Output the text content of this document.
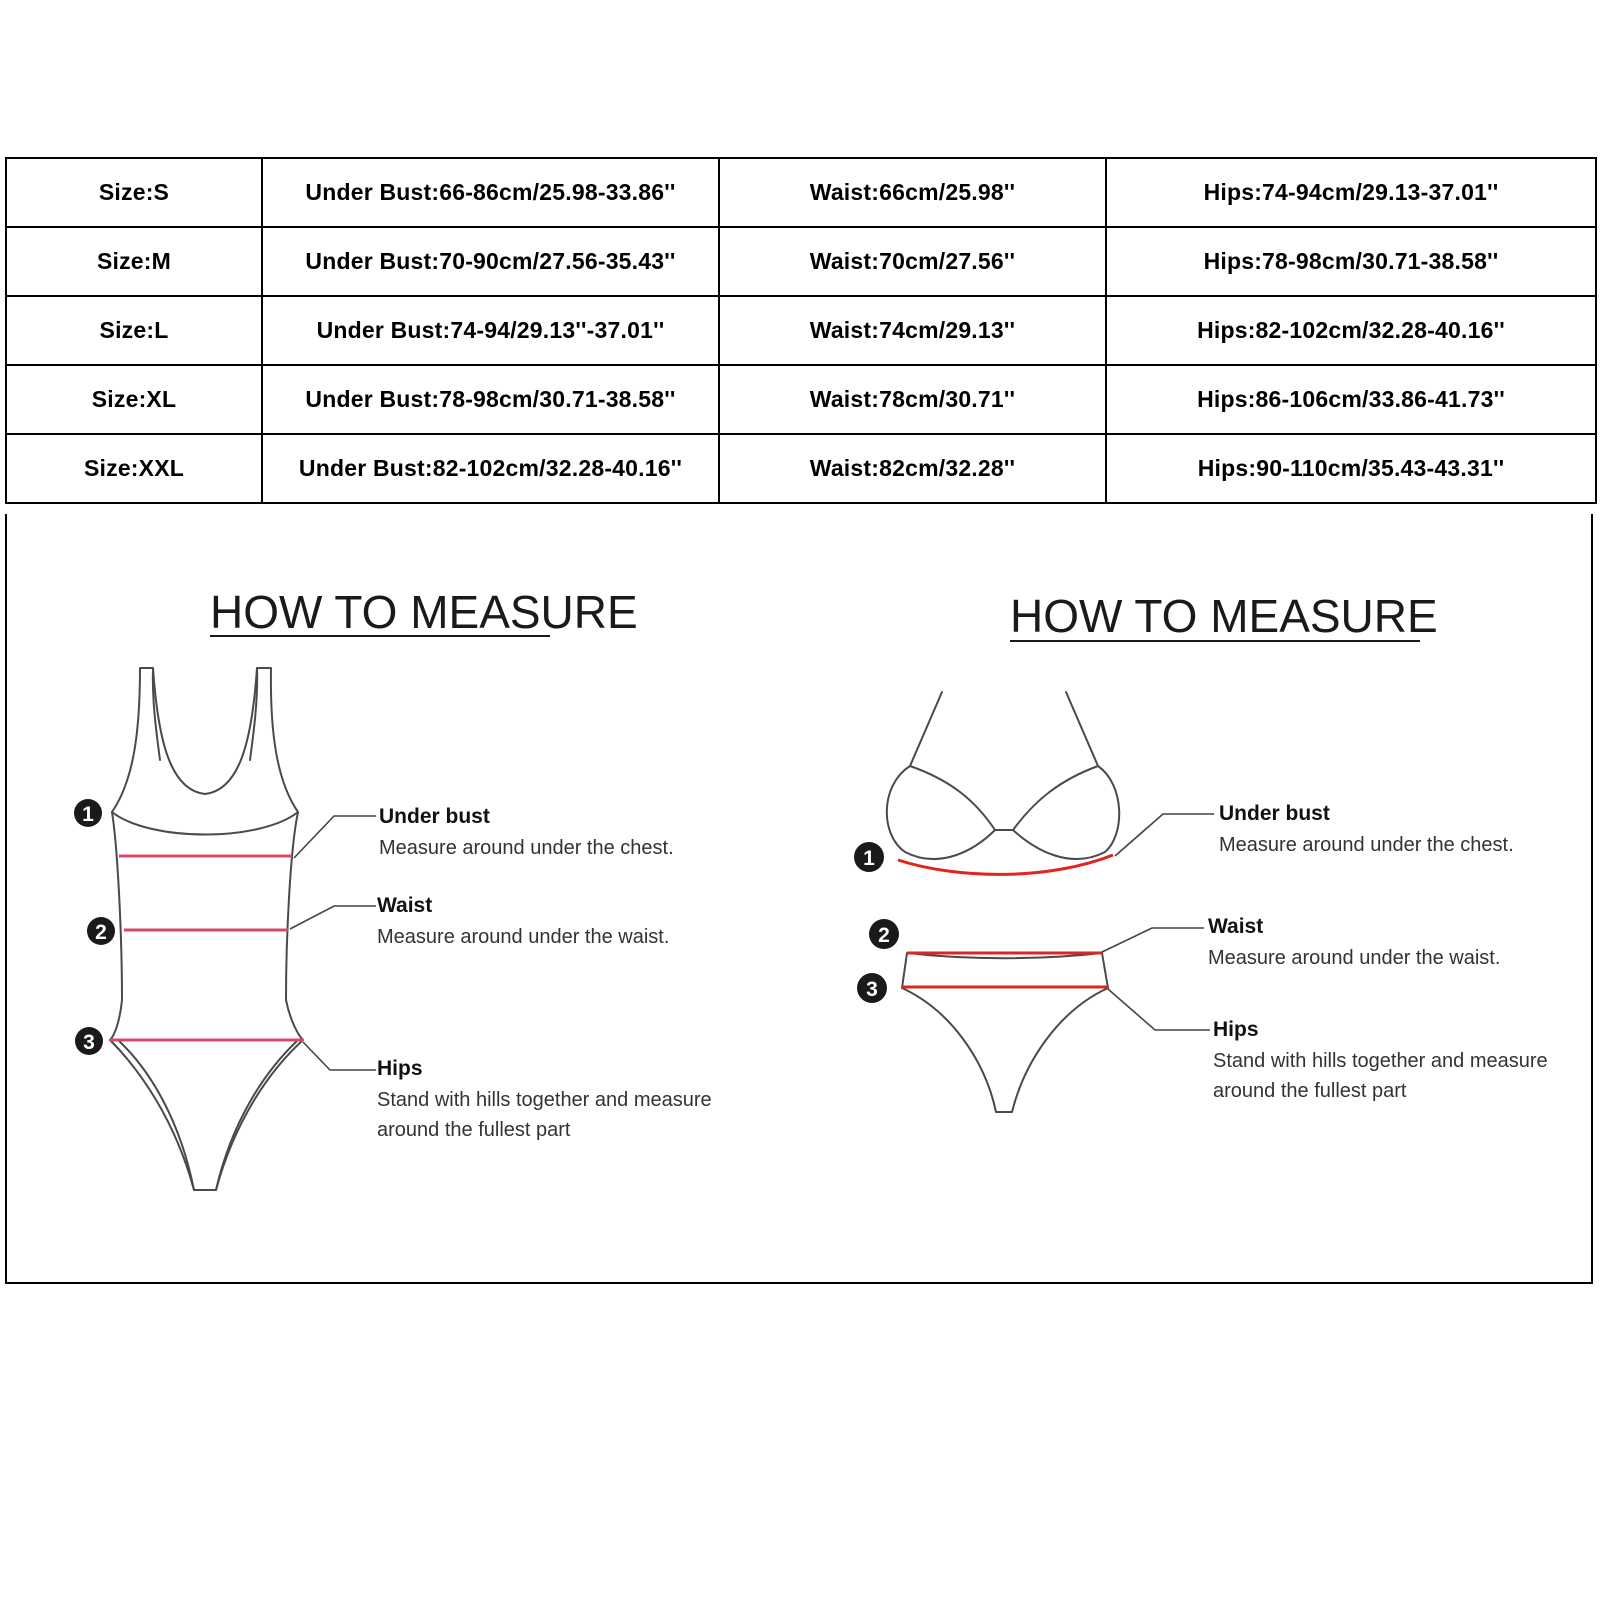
Size:S	Under Bust:66-86cm/25.98-33.86''	Waist:66cm/25.98''	Hips:74-94cm/29.13-37.01''
Size:M	Under Bust:70-90cm/27.56-35.43''	Waist:70cm/27.56''	Hips:78-98cm/30.71-38.58''
Size:L	Under Bust:74-94/29.13''-37.01''	Waist:74cm/29.13''	Hips:82-102cm/32.28-40.16''
Size:XL	Under Bust:78-98cm/30.71-38.58''	Waist:78cm/30.71''	Hips:86-106cm/33.86-41.73''
Size:XXL	Under Bust:82-102cm/32.28-40.16''	Waist:82cm/32.28''	Hips:90-110cm/35.43-43.31''
HOW TO MEASURE
1
2
3
Under bust
Measure around under the chest.
Waist
Measure around under the waist.
Hips
Stand with hills together and measure
around the fullest part
HOW TO MEASURE
1
2
3
Under bust
Measure around under the chest.
Waist
Measure around under the waist.
Hips
Stand with hills together and measure
around the fullest part
